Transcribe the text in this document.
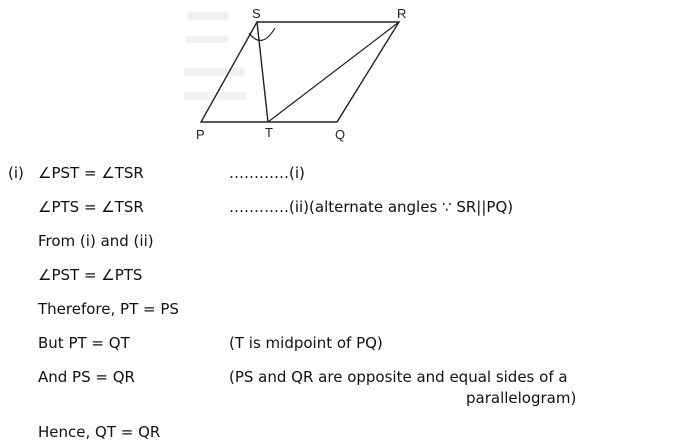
S	R
P	T	Q
(i) ∠PST = ∠TSR	…………(i)
∠PTS = ∠TSR	…………(ii)(alternate angles ∵ SR||PQ)
From (i) and (ii)
∠PST = ∠PTS
Therefore, PT = PS
But PT = QT	(T is midpoint of PQ)
And PS = QR	(PS and QR are opposite and equal sides of a
parallelogram)
Hence, QT = QR
